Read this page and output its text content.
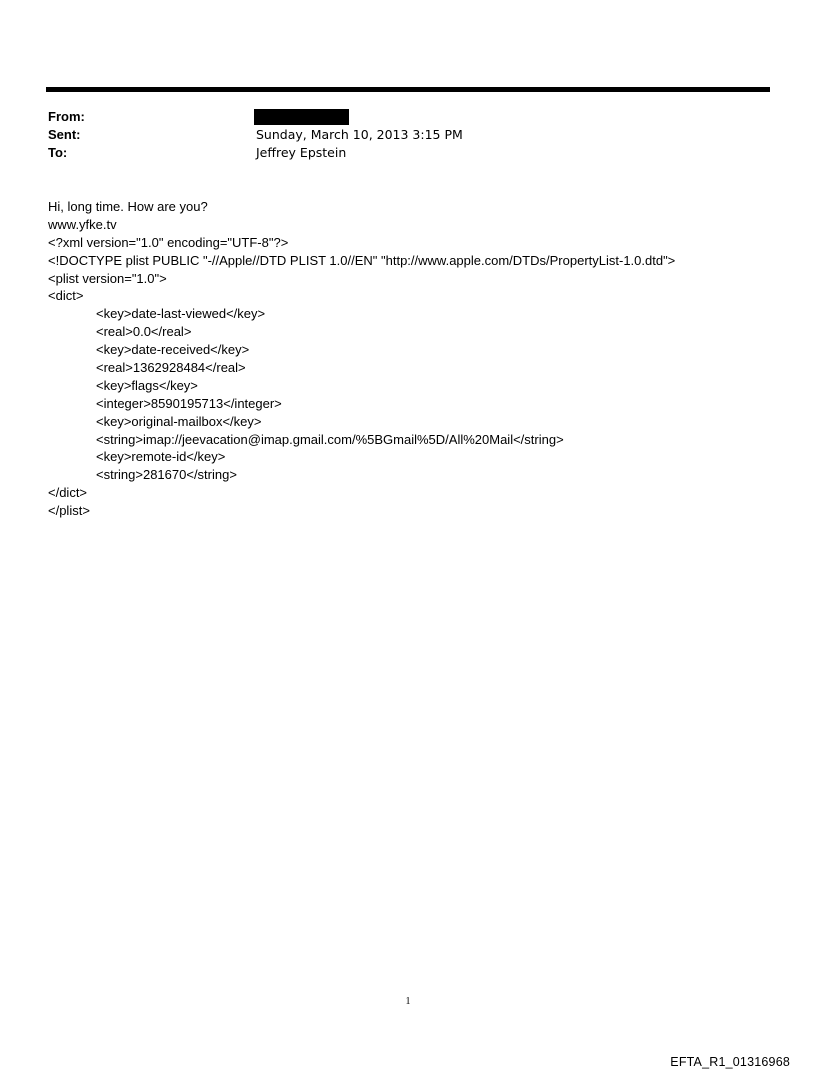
From:
Sent:	Sunday, March 10, 2013 3:15 PM
To:	Jeffrey Epstein
Hi, long time. How are you?
www.yfke.tv
<?xml version="1.0" encoding="UTF-8"?>
<!DOCTYPE plist PUBLIC "-//Apple//DTD PLIST 1.0//EN" "http://www.apple.com/DTDs/PropertyList-1.0.dtd">
<plist version="1.0">
<dict>
<key>date-last-viewed</key>
<real>0.0</real>
<key>date-received</key>
<real>1362928484</real>
<key>flags</key>
<integer>8590195713</integer>
<key>original-mailbox</key>
<string>imap://jeevacation@imap.gmail.com/%5BGmail%5D/All%20Mail</string>
<key>remote-id</key>
<string>281670</string>
</dict>
</plist>
1
EFTA_R1_01316968
